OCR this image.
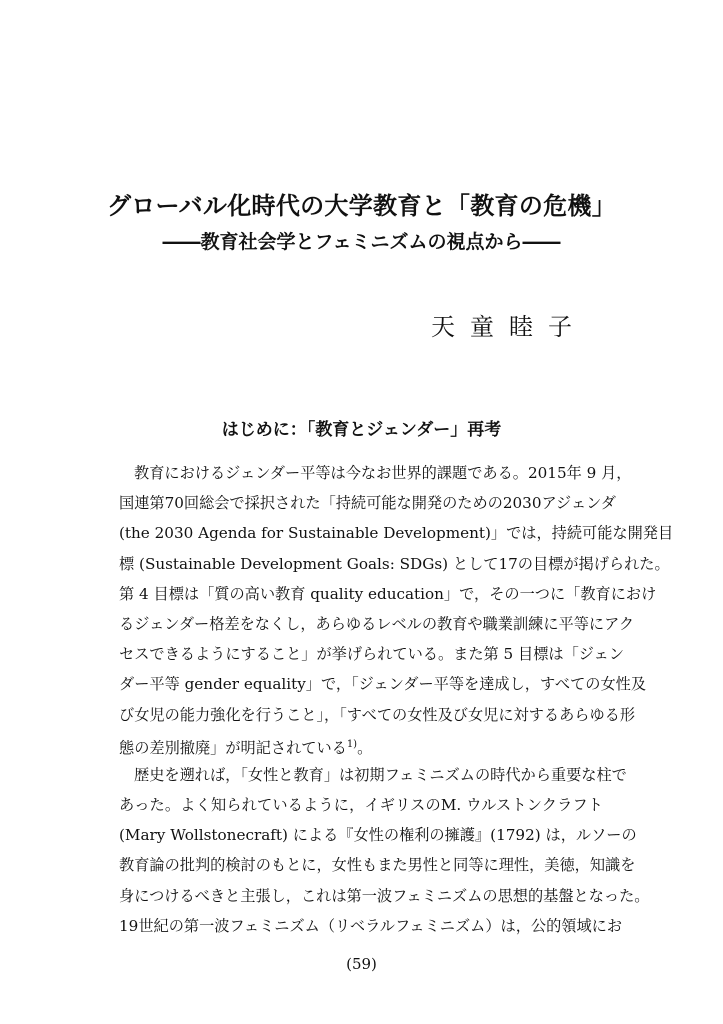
グローバル化時代の大学教育と「教育の危機」
――教育社会学とフェミニズムの視点から――
天童睦子
はじめに：「教育とジェンダー」再考
教育におけるジェンダー平等は今なお世界的課題である。2015年 9 月，
国連第70回総会で採択された「持続可能な開発のための2030アジェンダ
(the 2030 Agenda for Sustainable Development)」では，持続可能な開発目
標 (Sustainable Development Goals: SDGs) として17の目標が掲げられた。
第 4 目標は「質の高い教育 quality education」で，その一つに「教育におけ
るジェンダー格差をなくし，あらゆるレベルの教育や職業訓練に平等にアク
セスできるようにすること」が挙げられている。また第 5 目標は「ジェン
ダー平等 gender equality」で，「ジェンダー平等を達成し，すべての女性及
び女児の能力強化を行うこと」，「すべての女性及び女児に対するあらゆる形
態の差別撤廃」が明記されている$^{1)}$。
歴史を遡れば，「女性と教育」は初期フェミニズムの時代から重要な柱で
あった。よく知られているように，イギリスのM. ウルストンクラフト
(Mary Wollstonecraft) による『女性の権利の擁護』(1792) は，ルソーの
教育論の批判的検討のもとに，女性もまた男性と同等に理性，美徳，知識を
身につけるべきと主張し，これは第一波フェミニズムの思想的基盤となった。
19世紀の第一波フェミニズム（リベラルフェミニズム）は，公的領域にお
(59)
